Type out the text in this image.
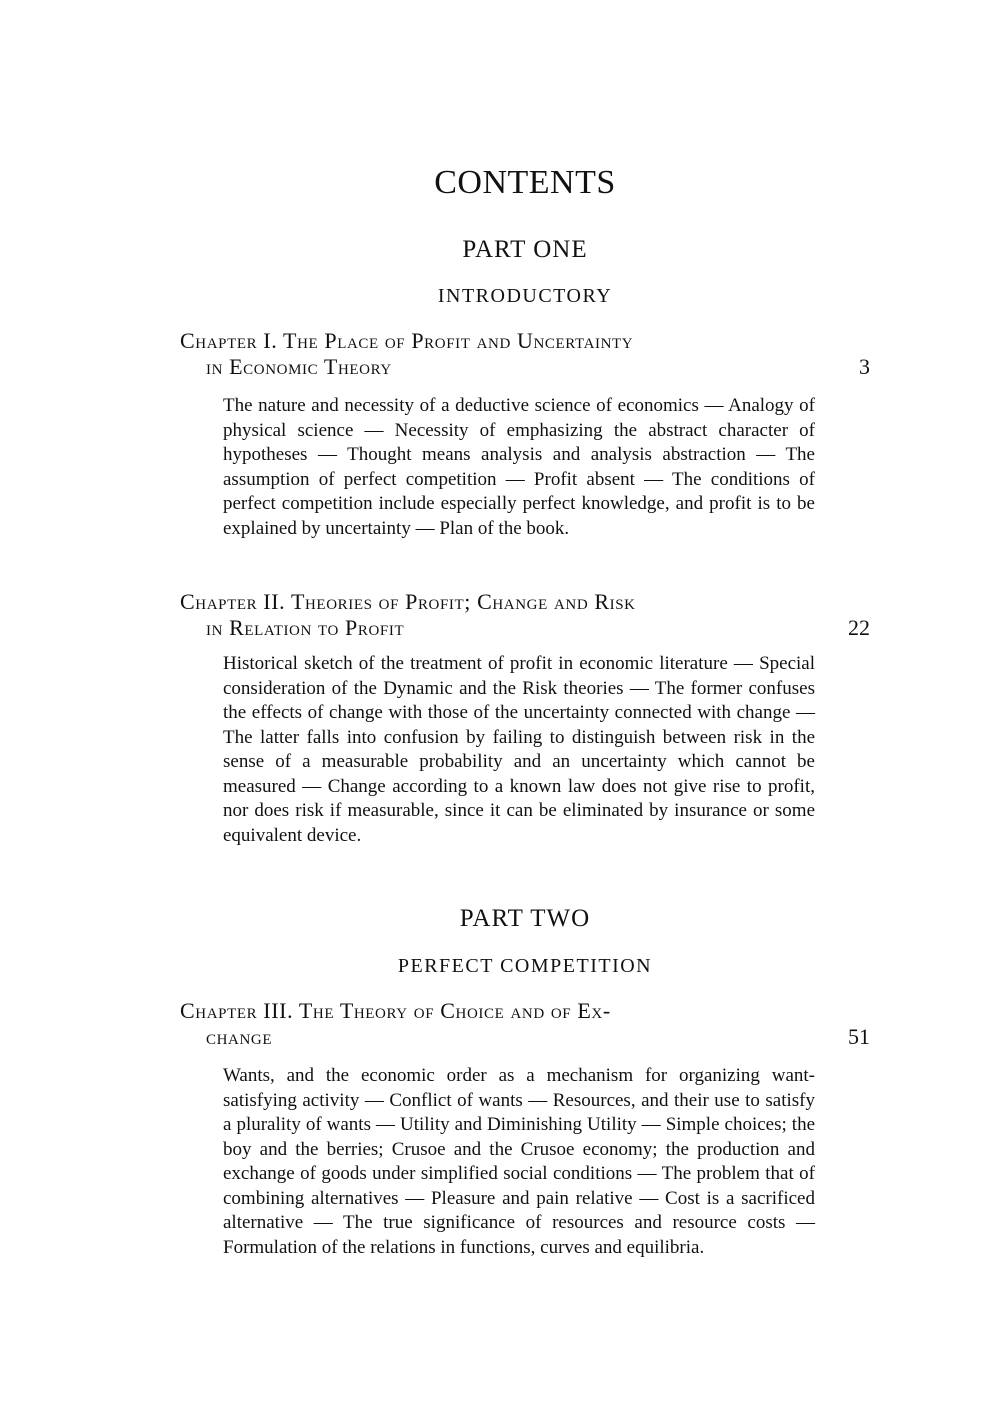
CONTENTS
PART ONE
INTRODUCTORY
Chapter I. The Place of Profit and Uncertainty
in Economic Theory	3

The nature and necessity of a deductive science of economics — Analogy of physical science — Necessity of emphasizing the abstract character of hypotheses — Thought means analysis and analysis abstraction — The assumption of perfect competition — Profit absent — The conditions of perfect competition include especially perfect knowledge, and profit is to be explained by uncertainty — Plan of the book.

Chapter II. Theories of Profit; Change and Risk
in Relation to Profit	22

Historical sketch of the treatment of profit in economic literature — Special consideration of the Dynamic and the Risk theories — The former confuses the effects of change with those of the uncertainty connected with change — The latter falls into confusion by failing to distinguish between risk in the sense of a measurable probability and an uncertainty which cannot be measured — Change according to a known law does not give rise to profit, nor does risk if measurable, since it can be eliminated by insurance or some equivalent device.

PART TWO
PERFECT COMPETITION
Chapter III. The Theory of Choice and of Ex-
change	51

Wants, and the economic order as a mechanism for organizing want-satisfying activity — Conflict of wants — Resources, and their use to satisfy a plurality of wants — Utility and Diminishing Utility — Simple choices; the boy and the berries; Crusoe and the Crusoe economy; the production and exchange of goods under simplified social conditions — The problem that of combining alternatives — Pleasure and pain relative — Cost is a sacrificed alternative — The true significance of resources and resource costs — Formulation of the relations in functions, curves and equilibria.
